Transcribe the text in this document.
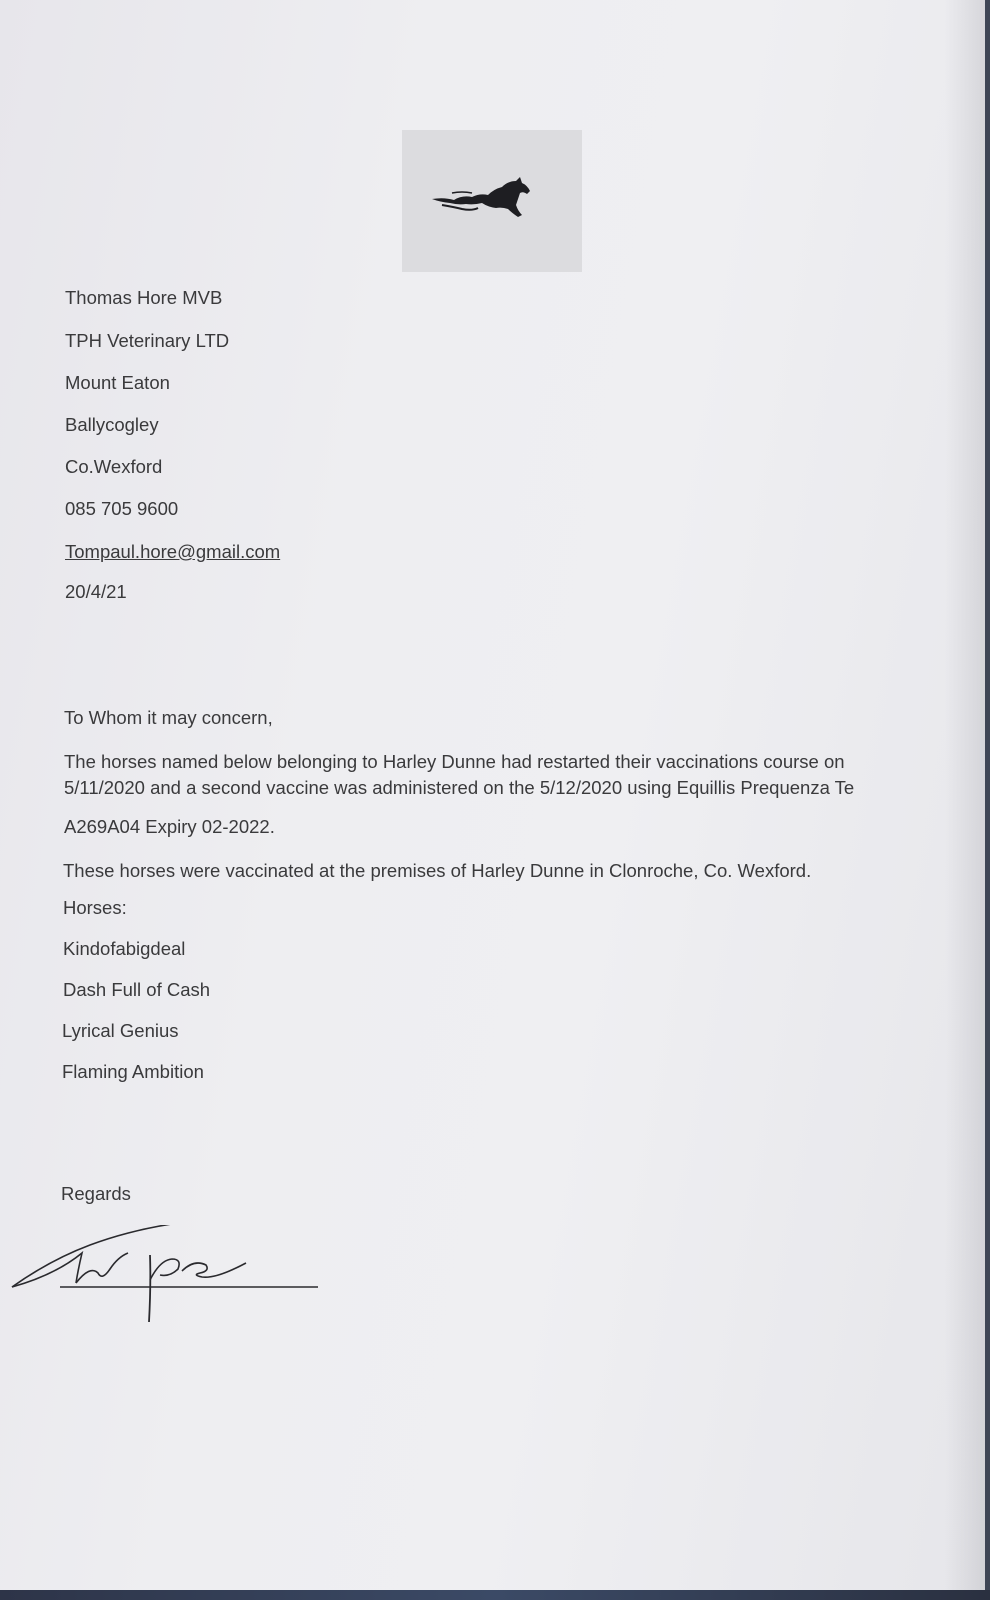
Thomas Hore MVB
TPH Veterinary LTD
Mount Eaton
Ballycogley
Co.Wexford
085 705 9600
Tompaul.hore@gmail.com
20/4/21
To Whom it may concern,
The horses named below belonging to Harley Dunne had restarted their vaccinations course on
5/11/2020 and a second vaccine was administered on the 5/12/2020 using Equillis Prequenza Te
A269A04 Expiry 02-2022.
These horses were vaccinated at the premises of Harley Dunne in Clonroche, Co. Wexford.
Horses:
Kindofabigdeal
Dash Full of Cash
Lyrical Genius
Flaming Ambition
Regards
